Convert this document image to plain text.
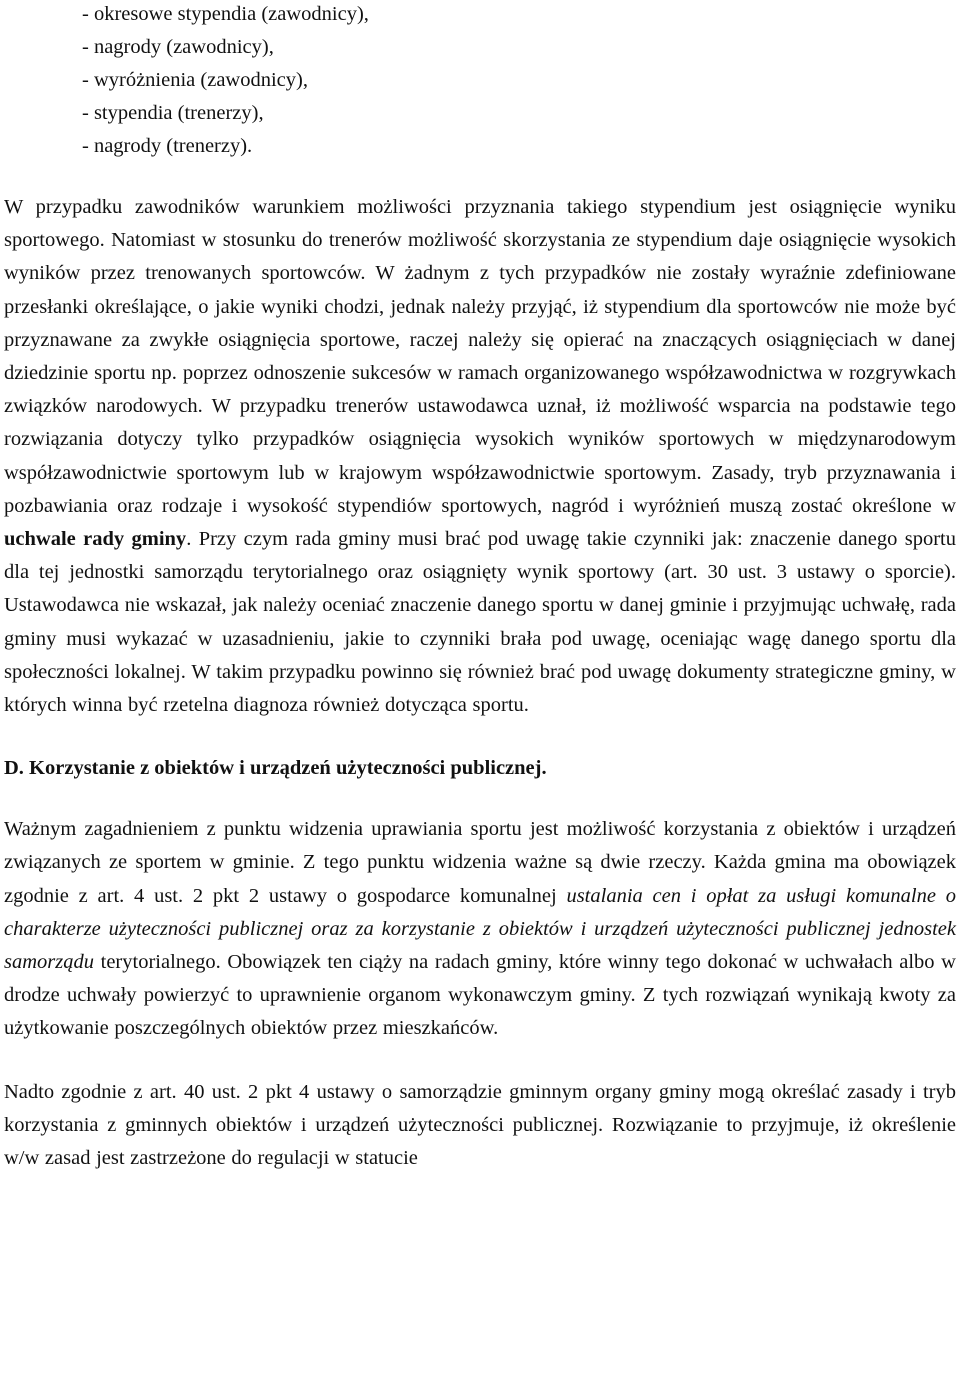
- okresowe stypendia (zawodnicy),
- nagrody (zawodnicy),
- wyróżnienia (zawodnicy),
- stypendia (trenerzy),
- nagrody (trenerzy).

W przypadku zawodników warunkiem możliwości przyznania takiego stypendium jest osiągnięcie wyniku sportowego. Natomiast w stosunku do trenerów możliwość skorzystania ze stypendium daje osiągnięcie wysokich wyników przez trenowanych sportowców. W żadnym z tych przypadków nie zostały wyraźnie zdefiniowane przesłanki określające, o jakie wyniki chodzi, jednak należy przyjąć, iż stypendium dla sportowców nie może być przyznawane za zwykłe osiągnięcia sportowe, raczej należy się opierać na znaczących osiągnięciach w danej dziedzinie sportu np. poprzez odnoszenie sukcesów w ramach organizowanego współzawodnictwa w rozgrywkach związków narodowych. W przypadku trenerów ustawodawca uznał, iż możliwość wsparcia na podstawie tego rozwiązania dotyczy tylko przypadków osiągnięcia wysokich wyników sportowych w międzynarodowym współzawodnictwie sportowym lub w krajowym współzawodnictwie sportowym. Zasady, tryb przyznawania i pozbawiania oraz rodzaje i wysokość stypendiów sportowych, nagród i wyróżnień muszą zostać określone w uchwale rady gminy. Przy czym rada gminy musi brać pod uwagę takie czynniki jak: znaczenie danego sportu dla tej jednostki samorządu terytorialnego oraz osiągnięty wynik sportowy (art. 30 ust. 3 ustawy o sporcie). Ustawodawca nie wskazał, jak należy oceniać znaczenie danego sportu w danej gminie i przyjmując uchwałę, rada gminy musi wykazać w uzasadnieniu, jakie to czynniki brała pod uwagę, oceniając wagę danego sportu dla społeczności lokalnej. W takim przypadku powinno się również brać pod uwagę dokumenty strategiczne gminy, w których winna być rzetelna diagnoza również dotycząca sportu.

D. Korzystanie z obiektów i urządzeń użyteczności publicznej.

Ważnym zagadnieniem z punktu widzenia uprawiania sportu jest możliwość korzystania z obiektów i urządzeń związanych ze sportem w gminie. Z tego punktu widzenia ważne są dwie rzeczy. Każda gmina ma obowiązek zgodnie z art. 4 ust. 2 pkt 2 ustawy o gospodarce komunalnej ustalania cen i opłat za usługi komunalne o charakterze użyteczności publicznej oraz za korzystanie z obiektów i urządzeń użyteczności publicznej jednostek samorządu terytorialnego. Obowiązek ten ciąży na radach gminy, które winny tego dokonać w uchwałach albo w drodze uchwały powierzyć to uprawnienie organom wykonawczym gminy. Z tych rozwiązań wynikają kwoty za użytkowanie poszczególnych obiektów przez mieszkańców.

Nadto zgodnie z art. 40 ust. 2 pkt 4 ustawy o samorządzie gminnym organy gminy mogą określać zasady i tryb korzystania z gminnych obiektów i urządzeń użyteczności publicznej. Rozwiązanie to przyjmuje, iż określenie w/w zasad jest zastrzeżone do regulacji w statucie
